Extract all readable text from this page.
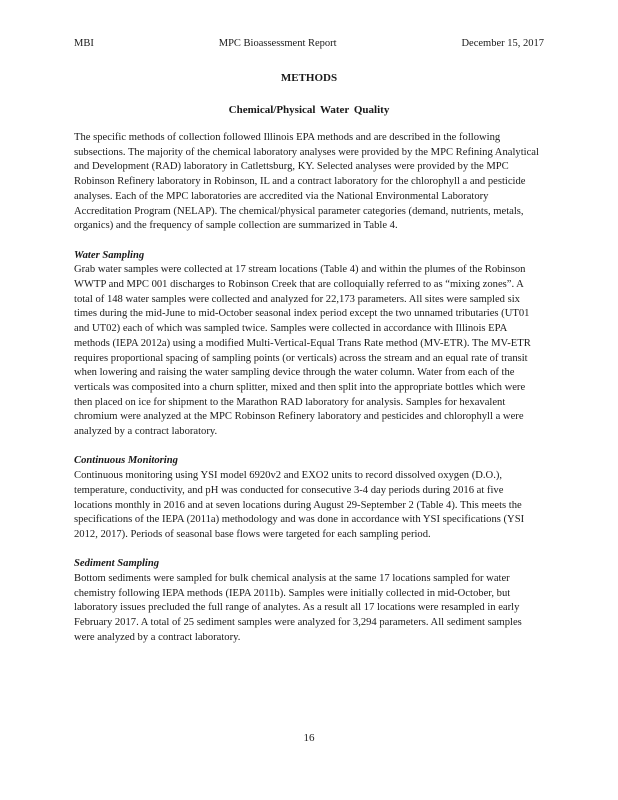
MBI	MPC Bioassessment Report	December 15, 2017
METHODS
Chemical/Physical Water Quality

The specific methods of collection followed Illinois EPA methods and are described in the following subsections. The majority of the chemical laboratory analyses were provided by the MPC Refining Analytical and Development (RAD) laboratory in Catlettsburg, KY. Selected analyses were provided by the MPC Robinson Refinery laboratory in Robinson, IL and a contract laboratory for the chlorophyll a and pesticide analyses. Each of the MPC laboratories are accredited via the National Environmental Laboratory Accreditation Program (NELAP). The chemical/physical parameter categories (demand, nutrients, metals, organics) and the frequency of sample collection are summarized in Table 4.

Water Sampling

Grab water samples were collected at 17 stream locations (Table 4) and within the plumes of the Robinson WWTP and MPC 001 discharges to Robinson Creek that are colloquially referred to as “mixing zones”. A total of 148 water samples were collected and analyzed for 22,173 parameters. All sites were sampled six times during the mid-June to mid-October seasonal index period except the two unnamed tributaries (UT01 and UT02) each of which was sampled twice. Samples were collected in accordance with Illinois EPA methods (IEPA 2012a) using a modified Multi-Vertical-Equal Trans Rate method (MV-ETR). The MV-ETR requires proportional spacing of sampling points (or verticals) across the stream and an equal rate of transit when lowering and raising the water sampling device through the water column. Water from each of the verticals was composited into a churn splitter, mixed and then split into the appropriate bottles which were then placed on ice for shipment to the Marathon RAD laboratory for analysis. Samples for hexavalent chromium were analyzed at the MPC Robinson Refinery laboratory and pesticides and chlorophyll a were analyzed by a contract laboratory.

Continuous Monitoring

Continuous monitoring using YSI model 6920v2 and EXO2 units to record dissolved oxygen (D.O.), temperature, conductivity, and pH was conducted for consecutive 3-4 day periods during 2016 at five locations monthly in 2016 and at seven locations during August 29-September 2 (Table 4). This meets the specifications of the IEPA (2011a) methodology and was done in accordance with YSI specifications (YSI 2012, 2017). Periods of seasonal base flows were targeted for each sampling period.

Sediment Sampling

Bottom sediments were sampled for bulk chemical analysis at the same 17 locations sampled for water chemistry following IEPA methods (IEPA 2011b). Samples were initially collected in mid-October, but laboratory issues precluded the full range of analytes. As a result all 17 locations were resampled in early February 2017. A total of 25 sediment samples were analyzed for 3,294 parameters. All sediment samples were analyzed by a contract laboratory.

16
